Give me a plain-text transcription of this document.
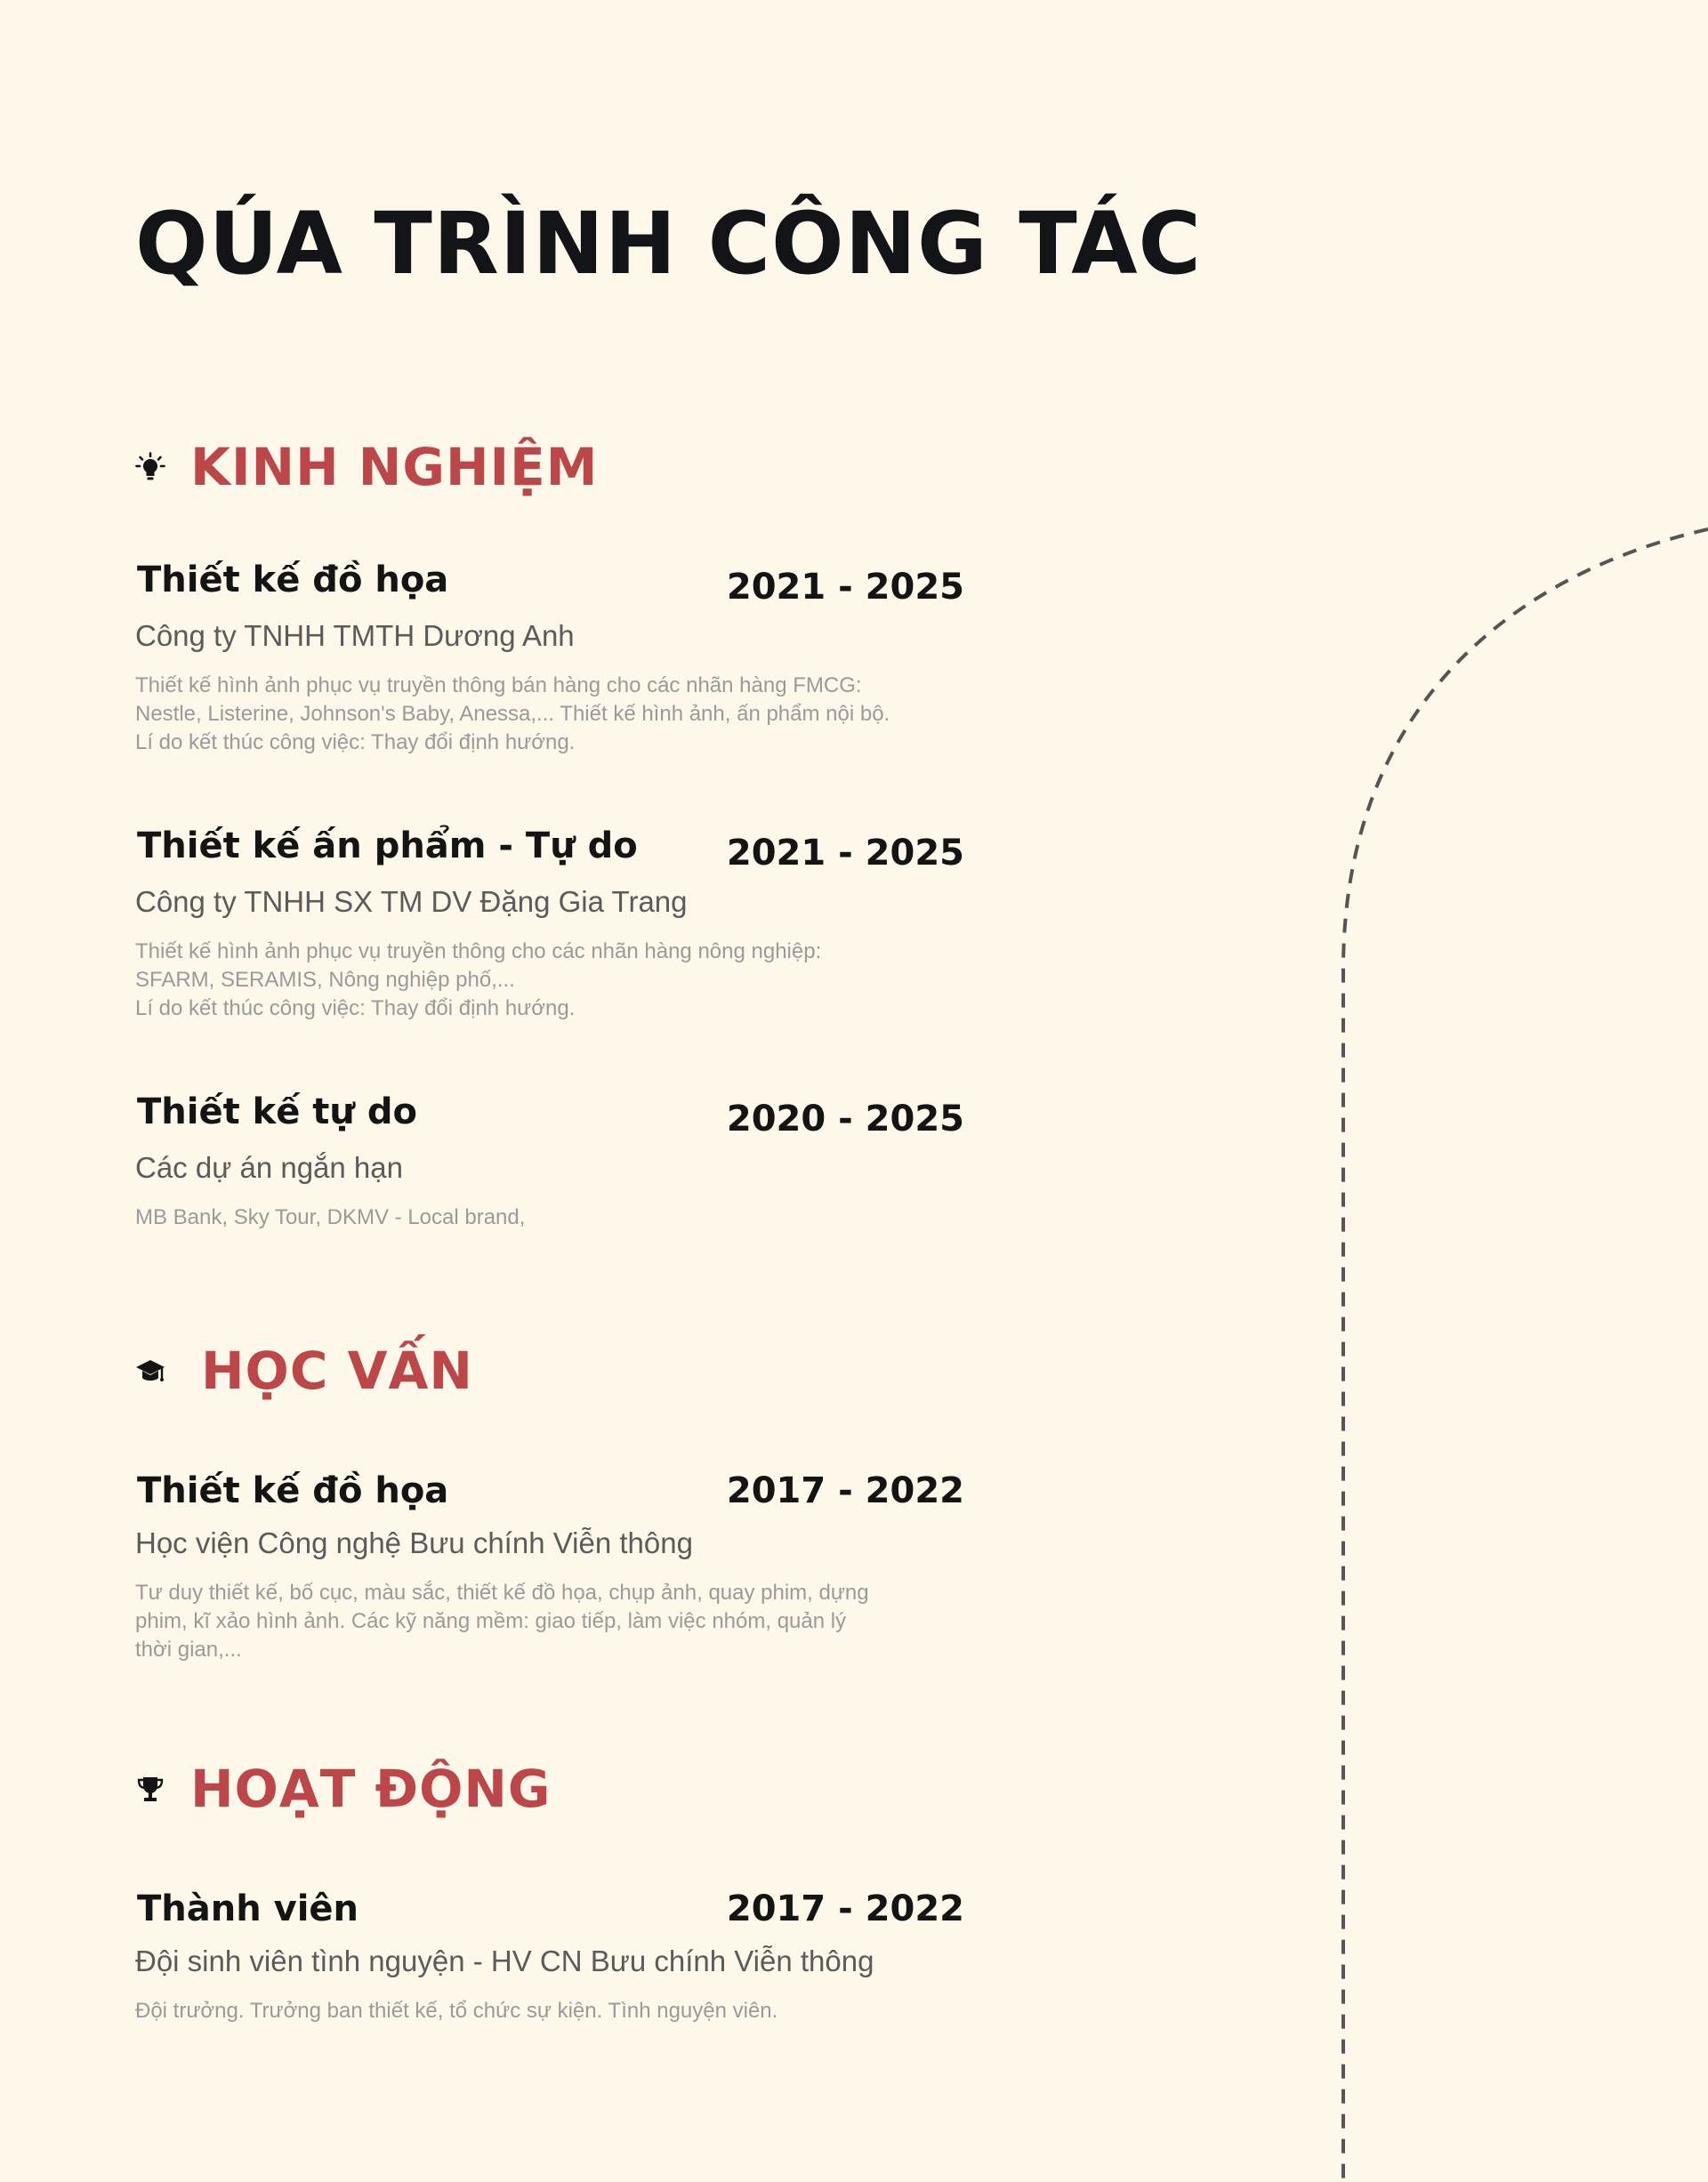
QÚA TRÌNH CÔNG TÁC
KINH NGHIỆM
Thiết kế đồ họa	2021 - 2025
Công ty TNHH TMTH Dương Anh
Thiết kế hình ảnh phục vụ truyền thông bán hàng cho các nhãn hàng FMCG:
Nestle, Listerine, Johnson's Baby, Anessa,... Thiết kế hình ảnh, ấn phẩm nội bộ.
Lí do kết thúc công việc: Thay đổi định hướng.
Thiết kế ấn phẩm - Tự do	2021 - 2025
Công ty TNHH SX TM DV Đặng Gia Trang
Thiết kế hình ảnh phục vụ truyền thông cho các nhãn hàng nông nghiệp:
SFARM, SERAMIS, Nông nghiệp phố,...
Lí do kết thúc công việc: Thay đổi định hướng.
Thiết kế tự do	2020 - 2025
Các dự án ngắn hạn
MB Bank, Sky Tour, DKMV - Local brand,
HỌC VẤN
Thiết kế đồ họa	2017 - 2022
Học viện Công nghệ Bưu chính Viễn thông
Tư duy thiết kế, bố cục, màu sắc, thiết kế đồ họa, chụp ảnh, quay phim, dựng
phim, kĩ xảo hình ảnh. Các kỹ năng mềm: giao tiếp, làm việc nhóm, quản lý
thời gian,...
HOẠT ĐỘNG
Thành viên	2017 - 2022
Đội sinh viên tình nguyện - HV CN Bưu chính Viễn thông
Đội trưởng. Trưởng ban thiết kế, tổ chức sự kiện. Tình nguyện viên.
